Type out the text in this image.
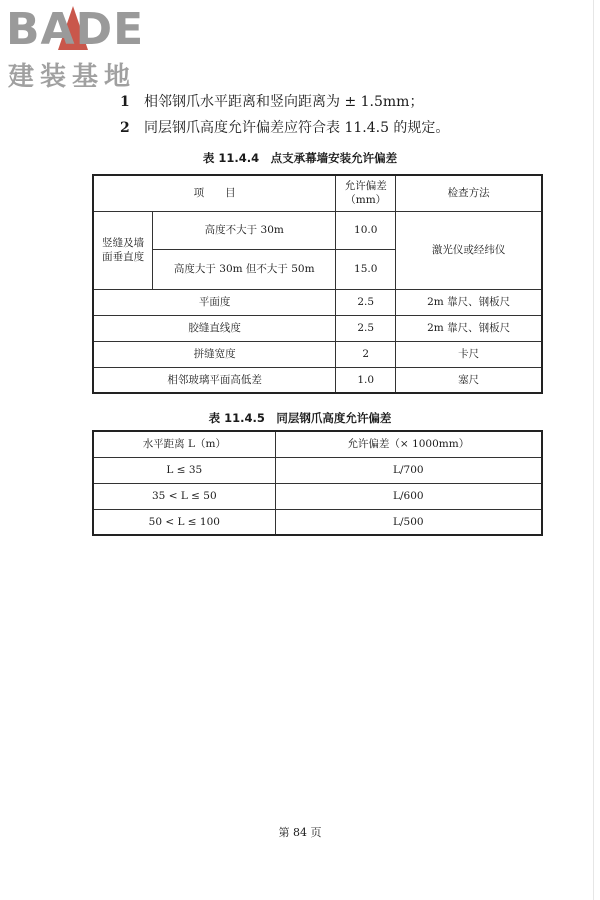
BADE
建装基地
1 相邻钢爪水平距离和竖向距离为 ± 1.5mm；
2 同层钢爪高度允许偏差应符合表 11.4.5 的规定。
表 11.4.4　点支承幕墙安装允许偏差
项　　目		允许偏差（mm）	检查方法
竖缝及墙面垂直度	高度不大于 30m	10.0	激光仪或经纬仪
	高度大于 30m 但不大于 50m	15.0	
平面度		2.5	2m 靠尺、钢板尺
胶缝直线度		2.5	2m 靠尺、钢板尺
拼缝宽度		2	卡尺
相邻玻璃平面高低差		1.0	塞尺
表 11.4.5　同层钢爪高度允许偏差
水平距离 L（m）	允许偏差（× 1000mm）
L ≤ 35	L/700
35 < L ≤ 50	L/600
50 < L ≤ 100	L/500
第 84 页
